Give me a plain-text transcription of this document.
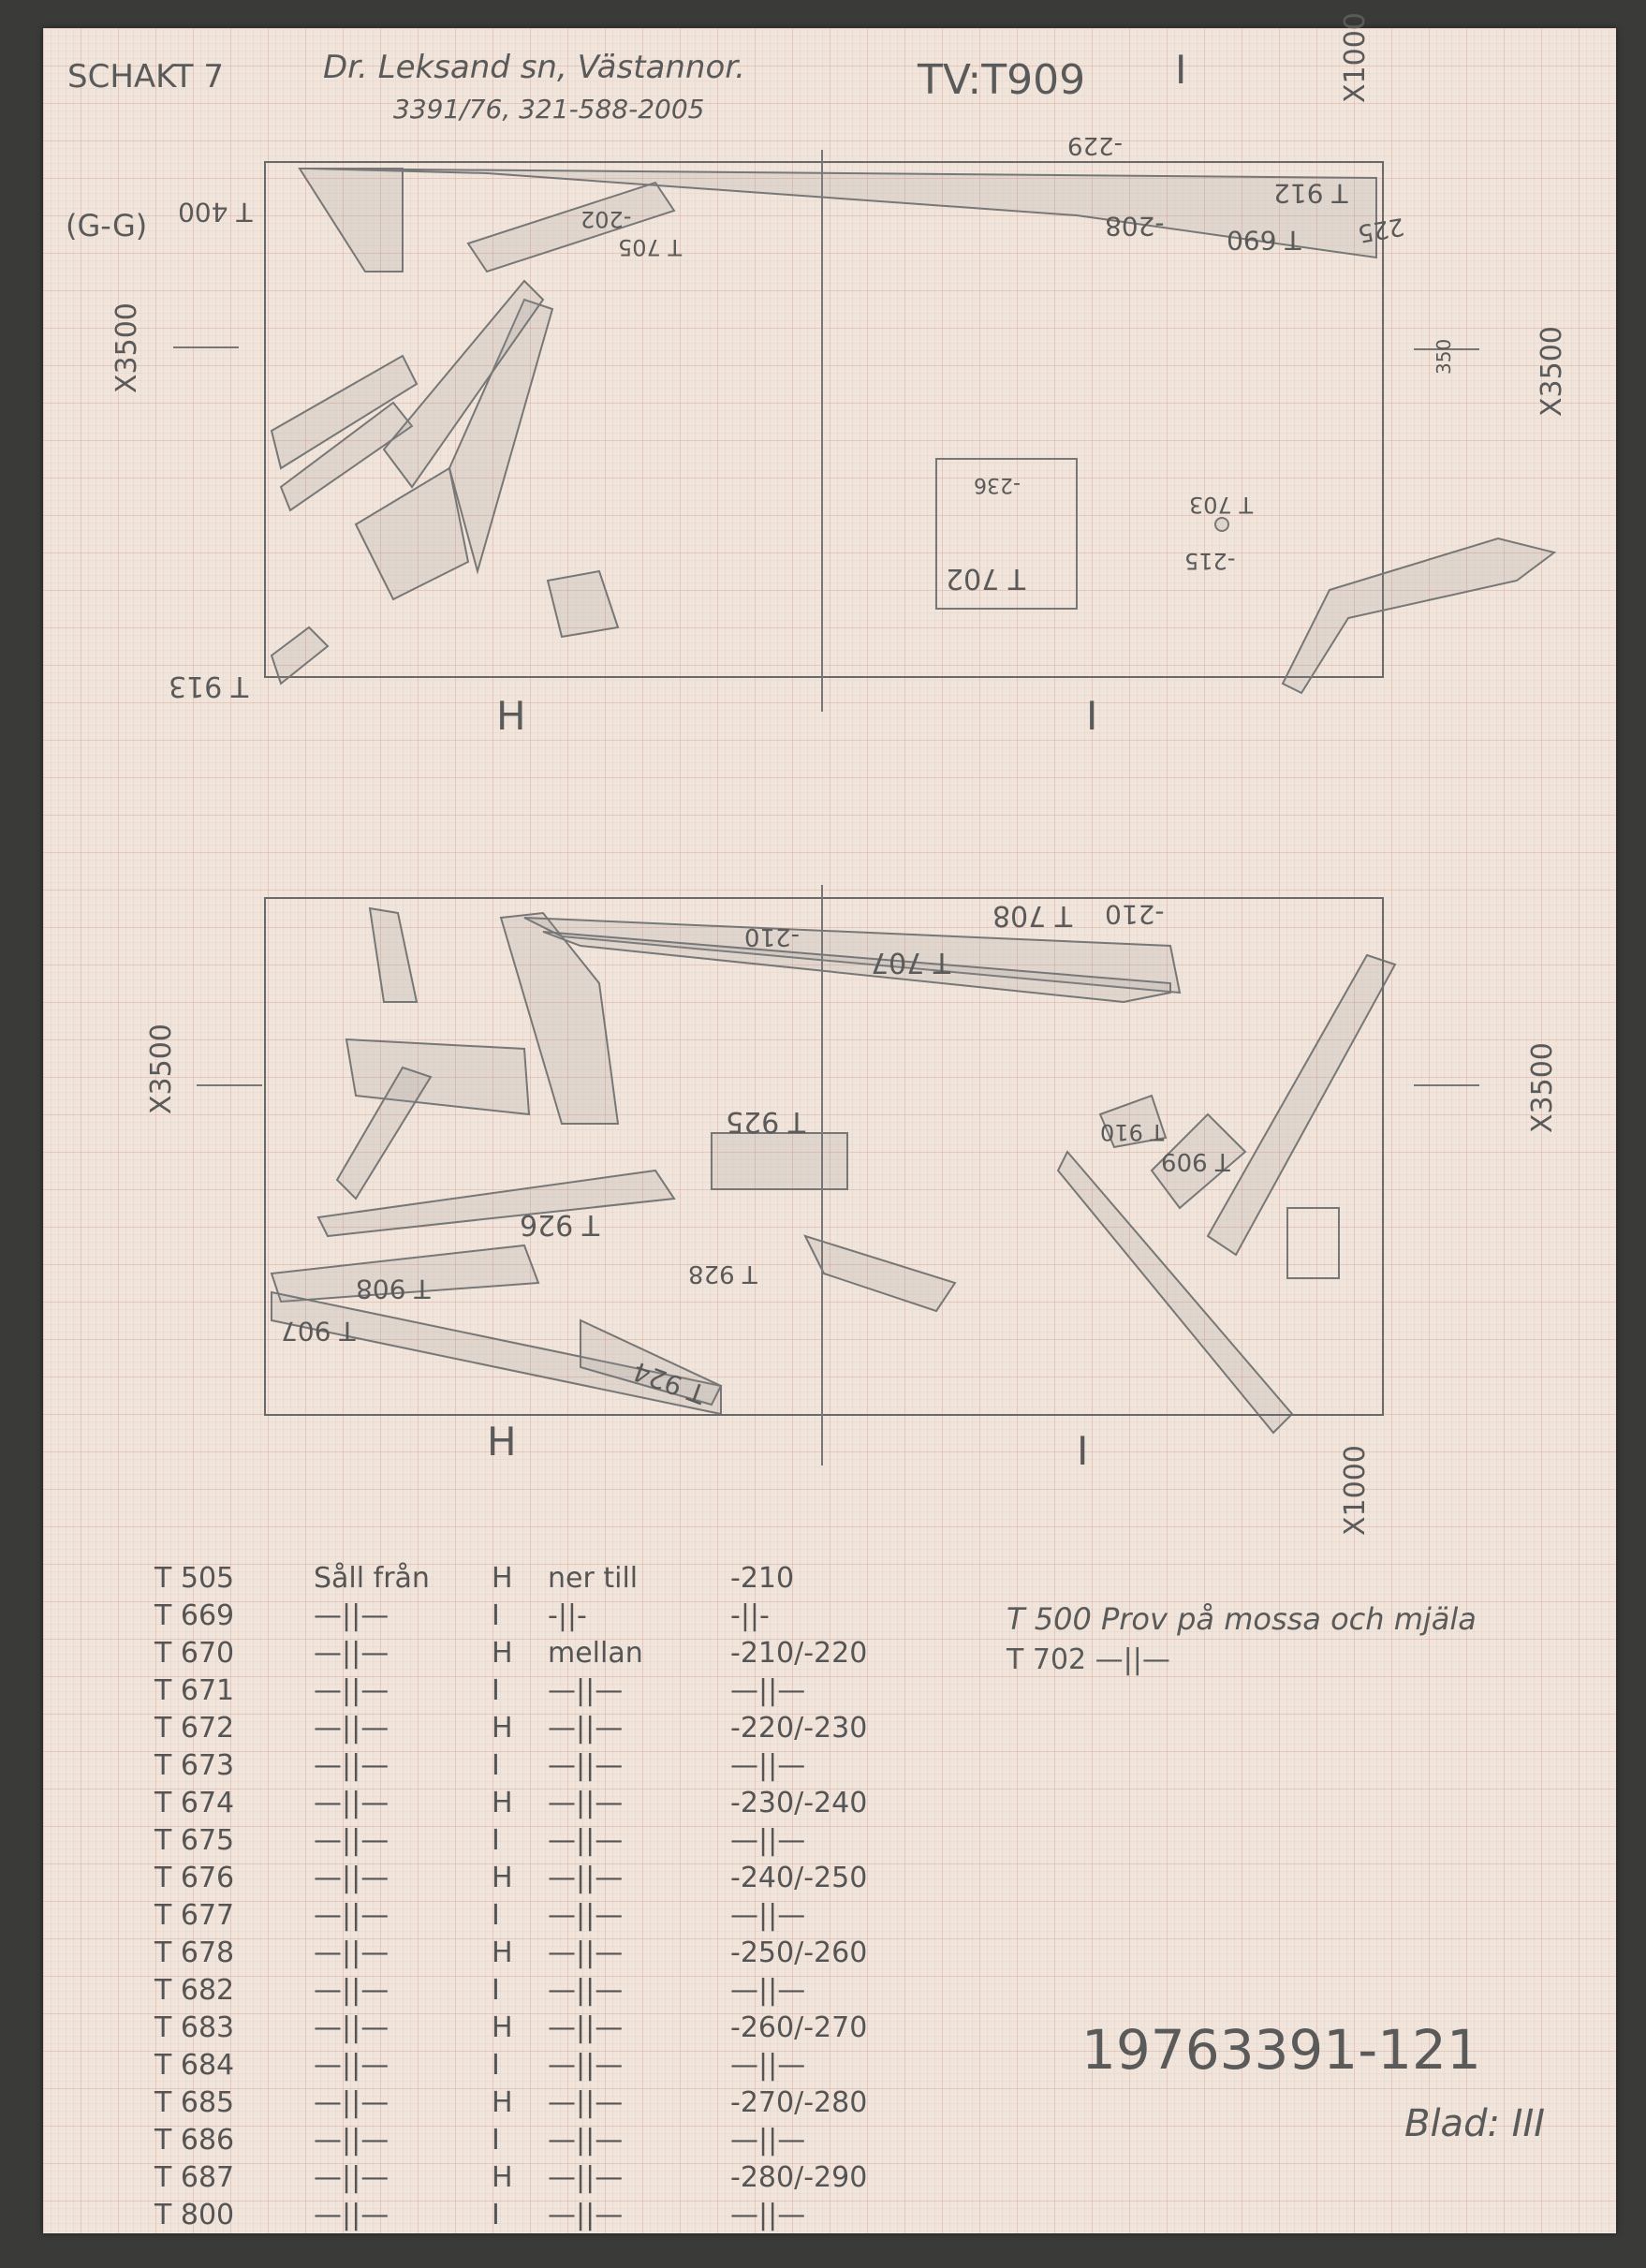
SCHAKT 7	Dr. Leksand sn, Västannor.
3391/76, 321-588-2005
TV:T909 I
(G-G)
X1000
X3500	X3500
350
H	I
T 400
T 690
-208
T 912
-229
225
T 702
-236
T 703
-215
T 913
-202
T 705
X3500	X3500
X1000
H	I
T 708 -210
T 707
-210
T 925
T 926
T 928
T 908
T 907
T 924
T 909
T 910
T 505	Såll från H ner till	-210
T 669	—||—	I -||-	-||-
T 670	—||—	H mellan	-210/-220
T 671	—||—	I —||—	—||—
T 672	—||—	H —||—	-220/-230
T 673	—||—	I —||—	—||—
T 674	—||—	H —||—	-230/-240
T 675	—||—	I —||—	—||—
T 676	—||—	H —||—	-240/-250
T 677	—||—	I —||—	—||—
T 678	—||—	H —||—	-250/-260
T 682	—||—	I —||—	—||—
T 683	—||—	H —||—	-260/-270
T 684	—||—	I —||—	—||—
T 685	—||—	H —||—	-270/-280
T 686	—||—	I —||—	—||—
T 687	—||—	H —||—	-280/-290
T 800	—||—	I —||—	—||—
T 500 Prov på mossa och mjäla
T 702 —||—
19763391-121
Blad: III
